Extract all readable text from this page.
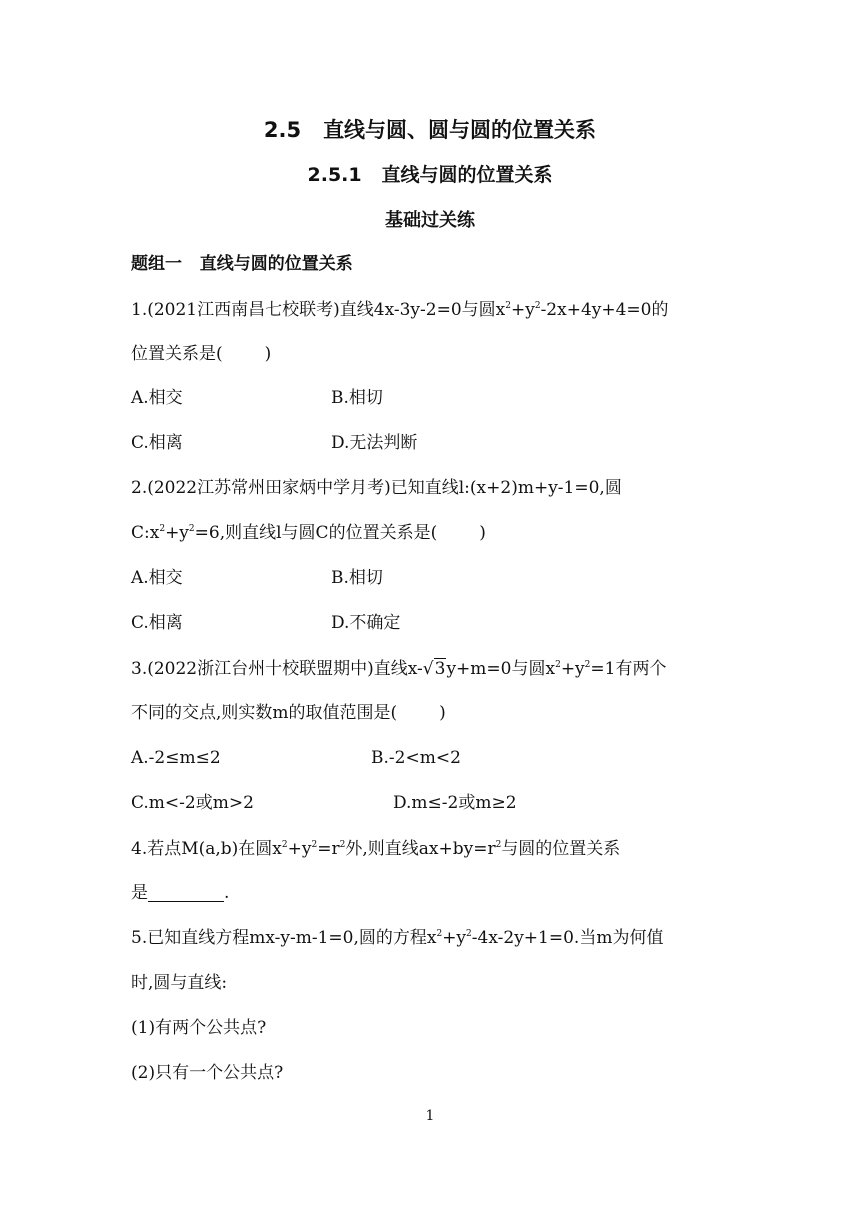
2.5 直线与圆、圆与圆的位置关系
2.5.1 直线与圆的位置关系
基础过关练
题组一 直线与圆的位置关系
1.(2021江西南昌七校联考)直线4x-3y-2=0与圆$x^2+y^2-2x+4y+4=0$的
位置关系是( )
A.相交	B.相切
C.相离	D.无法判断
2.(2022江苏常州田家炳中学月考)已知直线l:(x+2)m+y-1=0,圆
$C:x^2+y^2=6$,则直线l与圆C的位置关系是( )
A.相交	B.相切
C.相离	D.不确定
3.(2022浙江台州十校联盟期中)直线x-√3y+m=0与圆$x^2+y^2=1$有两个
不同的交点,则实数m的取值范围是( )
A.-2≤m≤2	B.-2<m<2
C.m<-2或m>2	D.m≤-2或m≥2
4.若点M(a,b)在圆$x^2+y^2=r^2$外,则直线$ax+by=r^2$与圆的位置关系
是	.
5.已知直线方程mx-y-m-1=0,圆的方程$x^2+y^2-4x-2y+1=0$.当m为何值
时,圆与直线:
(1)有两个公共点?
(2)只有一个公共点?
1
